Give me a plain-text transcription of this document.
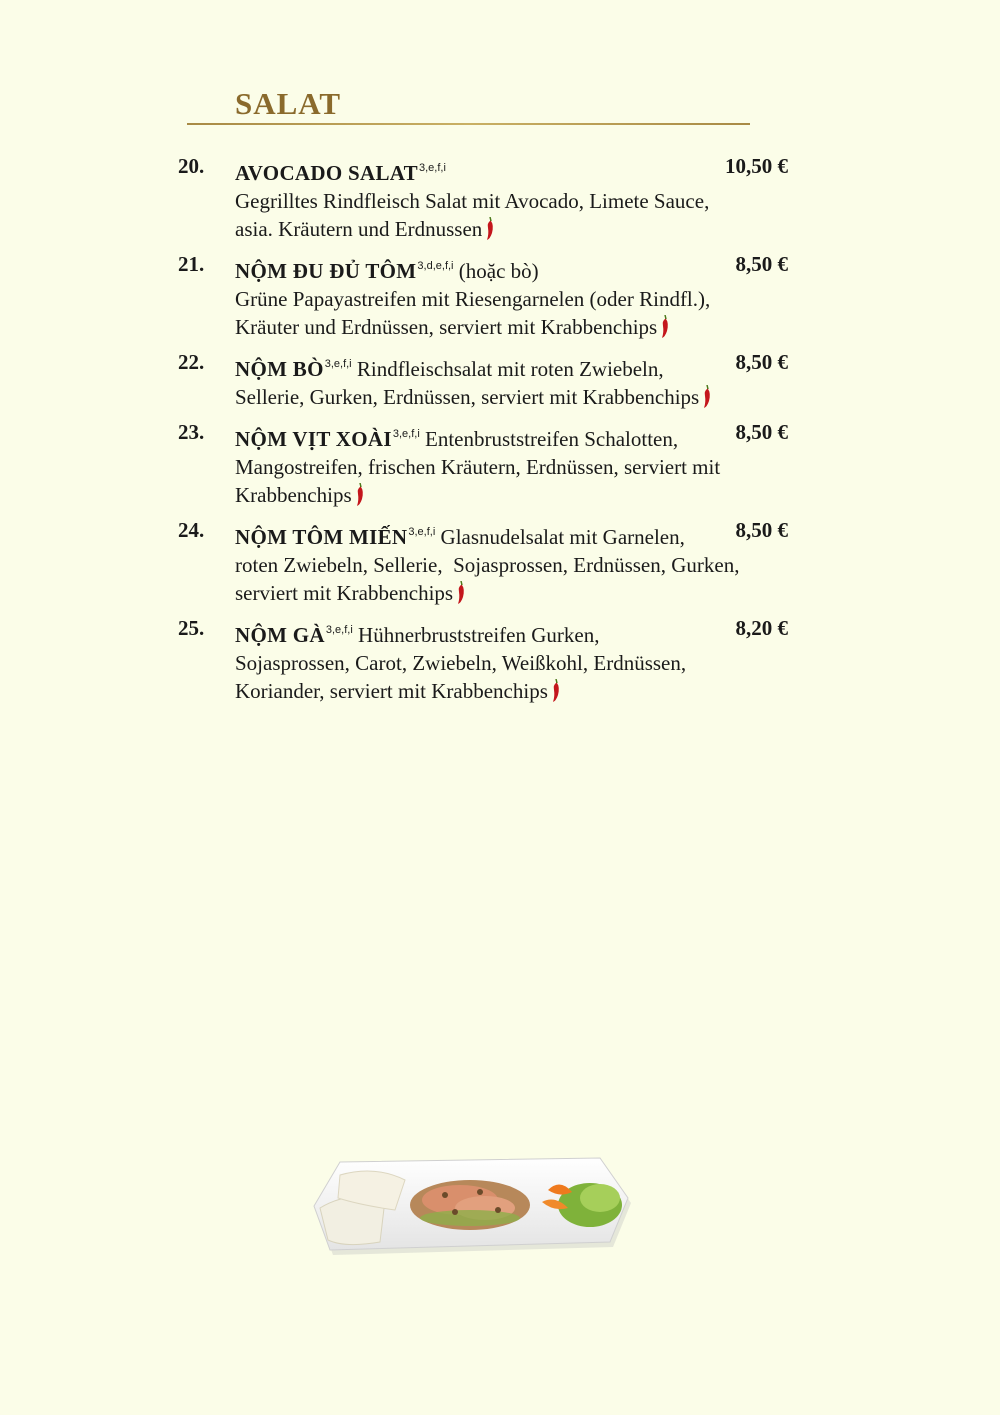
SALAT
20. AVOCADO SALAT$^{3,e,f,i}$
Gegrilltes Rindfleisch Salat mit Avocado, Limete Sauce,
asia. Kräutern und Erdnussen
10,50 €
21. NỘM ĐU ĐỦ TÔM$^{3,d,e,f,i}$ (hoặc bò)
Grüne Papayastreifen mit Riesengarnelen (oder Rindfl.),
Kräuter und Erdnüssen, serviert mit Krabbenchips
8,50 €
22. NỘM BÒ$^{3,e,f,i}$ Rindfleischsalat mit roten Zwiebeln,
Sellerie, Gurken, Erdnüssen, serviert mit Krabbenchips
8,50 €
23. NỘM VỊT XOÀI$^{3,e,f,i}$ Entenbruststreifen Schalotten,
Mangostreifen, frischen Kräutern, Erdnüssen, serviert mit
Krabbenchips
8,50 €
24. NỘM TÔM MIẾN$^{3,e,f,i}$ Glasnudelsalat mit Garnelen,
roten Zwiebeln, Sellerie,  Sojasprossen, Erdnüssen, Gurken,
serviert mit Krabbenchips
8,50 €
25. NỘM GÀ$^{3,e,f,i}$ Hühnerbruststreifen Gurken,
Sojasprossen, Carot, Zwiebeln, Weißkohl, Erdnüssen,
Koriander, serviert mit Krabbenchips
8,20 €
